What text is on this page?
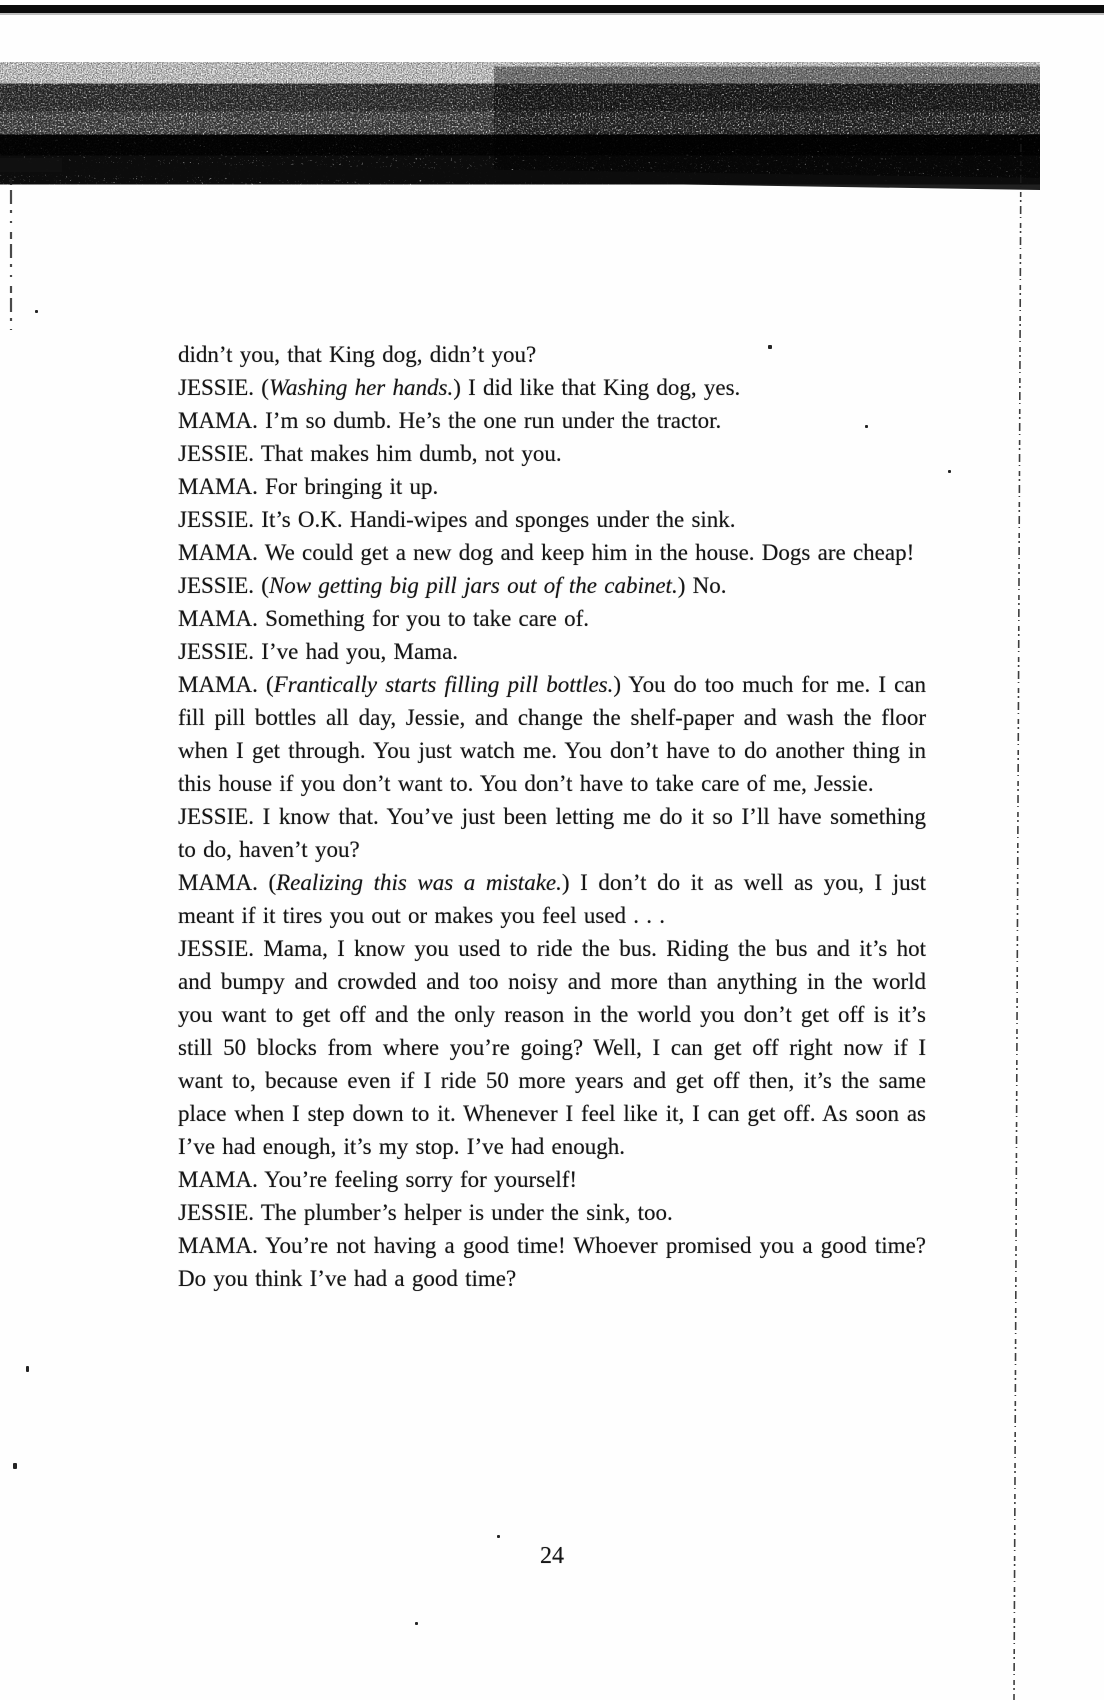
didn’t you, that King dog, didn’t you?

JESSIE. (Washing her hands.) I did like that King dog, yes.

MAMA. I’m so dumb. He’s the one run under the tractor.

JESSIE. That makes him dumb, not you.

MAMA. For bringing it up.

JESSIE. It’s O.K. Handi-wipes and sponges under the sink.

MAMA. We could get a new dog and keep him in the house. Dogs are cheap!

JESSIE. (Now getting big pill jars out of the cabinet.) No.

MAMA. Something for you to take care of.

JESSIE. I’ve had you, Mama.

MAMA. (Frantically starts filling pill bottles.) You do too much for me. I can fill pill bottles all day, Jessie, and change the shelf-paper and wash the floor when I get through. You just watch me. You don’t have to do another thing in this house if you don’t want to. You don’t have to take care of me, Jessie.

JESSIE. I know that. You’ve just been letting me do it so I’ll have something to do, haven’t you?

MAMA. (Realizing this was a mistake.) I don’t do it as well as you, I just meant if it tires you out or makes you feel used . . .

JESSIE. Mama, I know you used to ride the bus. Riding the bus and it’s hot and bumpy and crowded and too noisy and more than anything in the world you want to get off and the only reason in the world you don’t get off is it’s still 50 blocks from where you’re going? Well, I can get off right now if I want to, because even if I ride 50 more years and get off then, it’s the same place when I step down to it. Whenever I feel like it, I can get off. As soon as I’ve had enough, it’s my stop. I’ve had enough.

MAMA. You’re feeling sorry for yourself!

JESSIE. The plumber’s helper is under the sink, too.

MAMA. You’re not having a good time! Whoever promised you a good time? Do you think I’ve had a good time?

24
